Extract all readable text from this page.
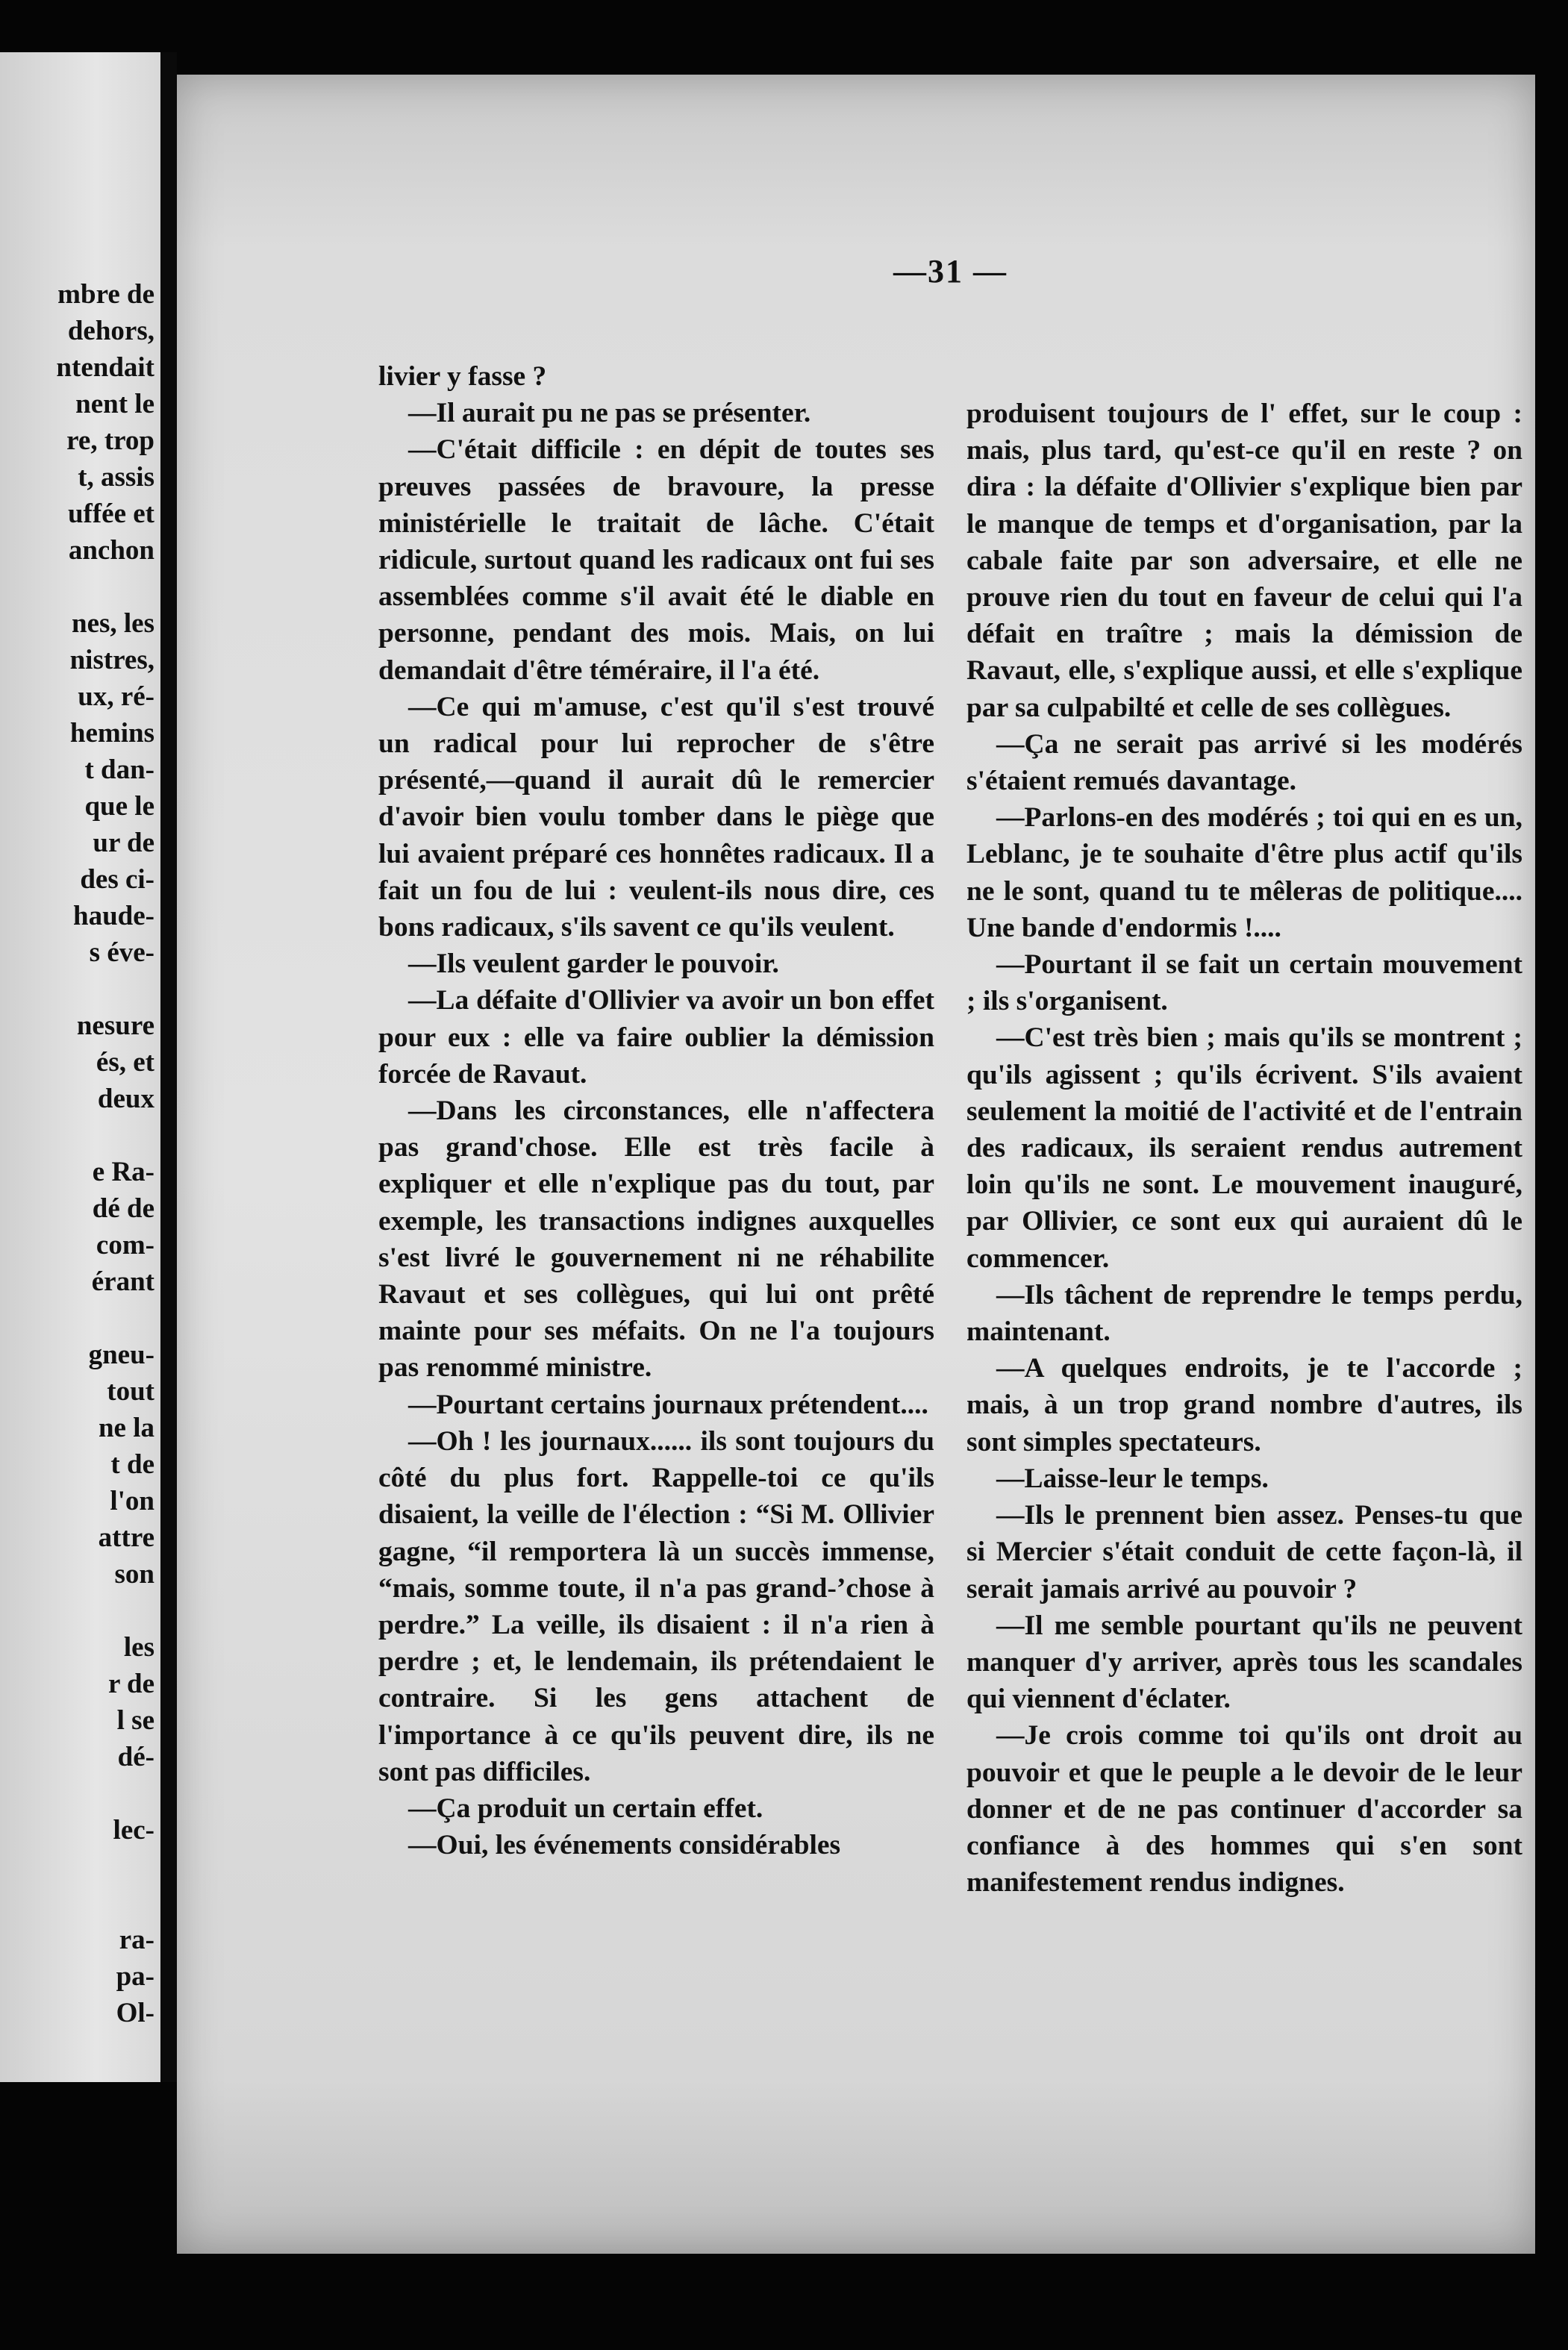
mbre de
dehors,
ntendait
nent le
re, trop
t, assis
uffée et
anchon
nes, les
nistres,
ux, ré-
hemins
t dan-
que le
ur de
des ci-
haude-
s éve-
nesure
és, et
deux
e Ra-
dé de
com-
érant
gneu-
tout
ne la
t de
l'on
attre
son
les
r de
l se
dé-
lec-
ra-
pa-
Ol-
—31 —

livier y fasse ?

—Il aurait pu ne pas se présenter.

—C'était difficile : en dépit de toutes ses preuves passées de bravoure, la presse ministérielle le traitait de lâche. C'était ridicule, surtout quand les radicaux ont fui ses assemblées comme s'il avait été le diable en personne, pendant des mois. Mais, on lui demandait d'être téméraire, il l'a été.

—Ce qui m'amuse, c'est qu'il s'est trouvé un radical pour lui reprocher de s'être présenté,—quand il aurait dû le remercier d'avoir bien voulu tomber dans le piège que lui avaient préparé ces honnêtes radicaux. Il a fait un fou de lui : veulent-ils nous dire, ces bons radicaux, s'ils savent ce qu'ils veulent.

—Ils veulent garder le pouvoir.

—La défaite d'Ollivier va avoir un bon effet pour eux : elle va faire oublier la démission forcée de Ravaut.

—Dans les circonstances, elle n'affectera pas grand'chose. Elle est très facile à expliquer et elle n'explique pas du tout, par exemple, les transactions indignes auxquelles s'est livré le gouvernement ni ne réhabilite Ravaut et ses collègues, qui lui ont prêté mainte pour ses méfaits. On ne l'a toujours pas renommé ministre.

—Pourtant certains journaux prétendent....

—Oh ! les journaux...... ils sont toujours du côté du plus fort. Rappelle-toi ce qu'ils disaient, la veille de l'élection : “Si M. Ollivier gagne, “il remportera là un succès immense, “mais, somme toute, il n'a pas grand-’chose à perdre.” La veille, ils disaient : il n'a rien à perdre ; et, le lendemain, ils prétendaient le contraire. Si les gens attachent de l'importance à ce qu'ils peuvent dire, ils ne sont pas difficiles.

—Ça produit un certain effet.

—Oui, les événements considérables

produisent toujours de l' effet, sur le coup : mais, plus tard, qu'est-ce qu'il en reste ? on dira : la défaite d'Ollivier s'explique bien par le manque de temps et d'organisation, par la cabale faite par son adversaire, et elle ne prouve rien du tout en faveur de celui qui l'a défait en traître ; mais la démission de Ravaut, elle, s'explique aussi, et elle s'explique par sa culpabilté et celle de ses collègues.

—Ça ne serait pas arrivé si les modérés s'étaient remués davantage.

—Parlons-en des modérés ; toi qui en es un, Leblanc, je te souhaite d'être plus actif qu'ils ne le sont, quand tu te mêleras de politique.... Une bande d'endormis !....

—Pourtant il se fait un certain mouvement ; ils s'organisent.

—C'est très bien ; mais qu'ils se montrent ; qu'ils agissent ; qu'ils écrivent. S'ils avaient seulement la moitié de l'activité et de l'entrain des radicaux, ils seraient rendus autrement loin qu'ils ne sont. Le mouvement inauguré, par Ollivier, ce sont eux qui auraient dû le commencer.

—Ils tâchent de reprendre le temps perdu, maintenant.

—A quelques endroits, je te l'accorde ; mais, à un trop grand nombre d'autres, ils sont simples spectateurs.

—Laisse-leur le temps.

—Ils le prennent bien assez. Penses-tu que si Mercier s'était conduit de cette façon-là, il serait jamais arrivé au pouvoir ?

—Il me semble pourtant qu'ils ne peuvent manquer d'y arriver, après tous les scandales qui viennent d'éclater.

—Je crois comme toi qu'ils ont droit au pouvoir et que le peuple a le devoir de le leur donner et de ne pas continuer d'accorder sa confiance à des hommes qui s'en sont manifestement rendus indignes.
